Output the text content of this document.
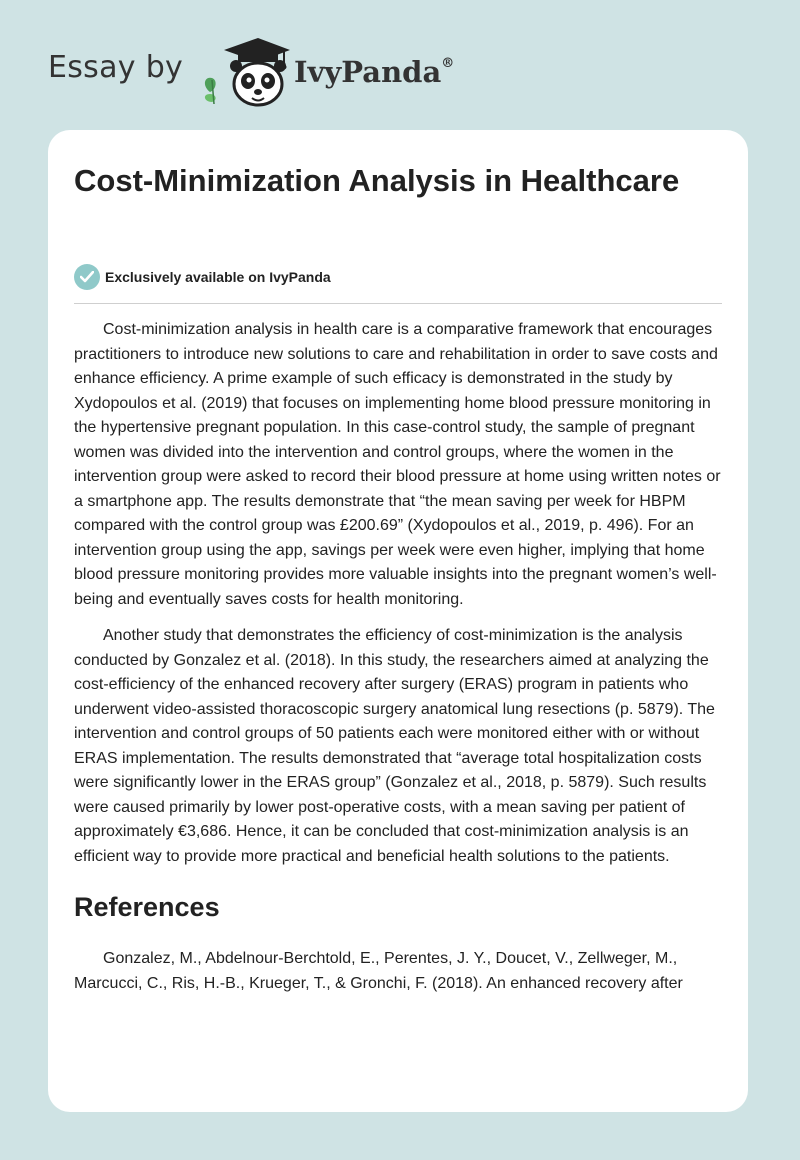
Essay by	IvyPanda®
Cost-Minimization Analysis in Healthcare
Exclusively available on IvyPanda

Cost-minimization analysis in health care is a comparative framework that encourages practitioners to introduce new solutions to care and rehabilitation in order to save costs and enhance efficiency. A prime example of such efficacy is demonstrated in the study by Xydopoulos et al. (2019) that focuses on implementing home blood pressure monitoring in the hypertensive pregnant population. In this case-control study, the sample of pregnant women was divided into the intervention and control groups, where the women in the intervention group were asked to record their blood pressure at home using written notes or a smartphone app. The results demonstrate that “the mean saving per week for HBPM compared with the control group was £200.69” (Xydopoulos et al., 2019, p. 496). For an intervention group using the app, savings per week were even higher, implying that home blood pressure monitoring provides more valuable insights into the pregnant women’s well-being and eventually saves costs for health monitoring.

Another study that demonstrates the efficiency of cost-minimization is the analysis conducted by Gonzalez et al. (2018). In this study, the researchers aimed at analyzing the cost-efficiency of the enhanced recovery after surgery (ERAS) program in patients who underwent video-assisted thoracoscopic surgery anatomical lung resections (p. 5879). The intervention and control groups of 50 patients each were monitored either with or without ERAS implementation. The results demonstrated that “average total hospitalization costs were significantly lower in the ERAS group” (Gonzalez et al., 2018, p. 5879). Such results were caused primarily by lower post-operative costs, with a mean saving per patient of approximately €3,686. Hence, it can be concluded that cost-minimization analysis is an efficient way to provide more practical and beneficial health solutions to the patients.

References

Gonzalez, M., Abdelnour-Berchtold, E., Perentes, J. Y., Doucet, V., Zellweger, M., Marcucci, C., Ris, H.-B., Krueger, T., & Gronchi, F. (2018). An enhanced recovery after
